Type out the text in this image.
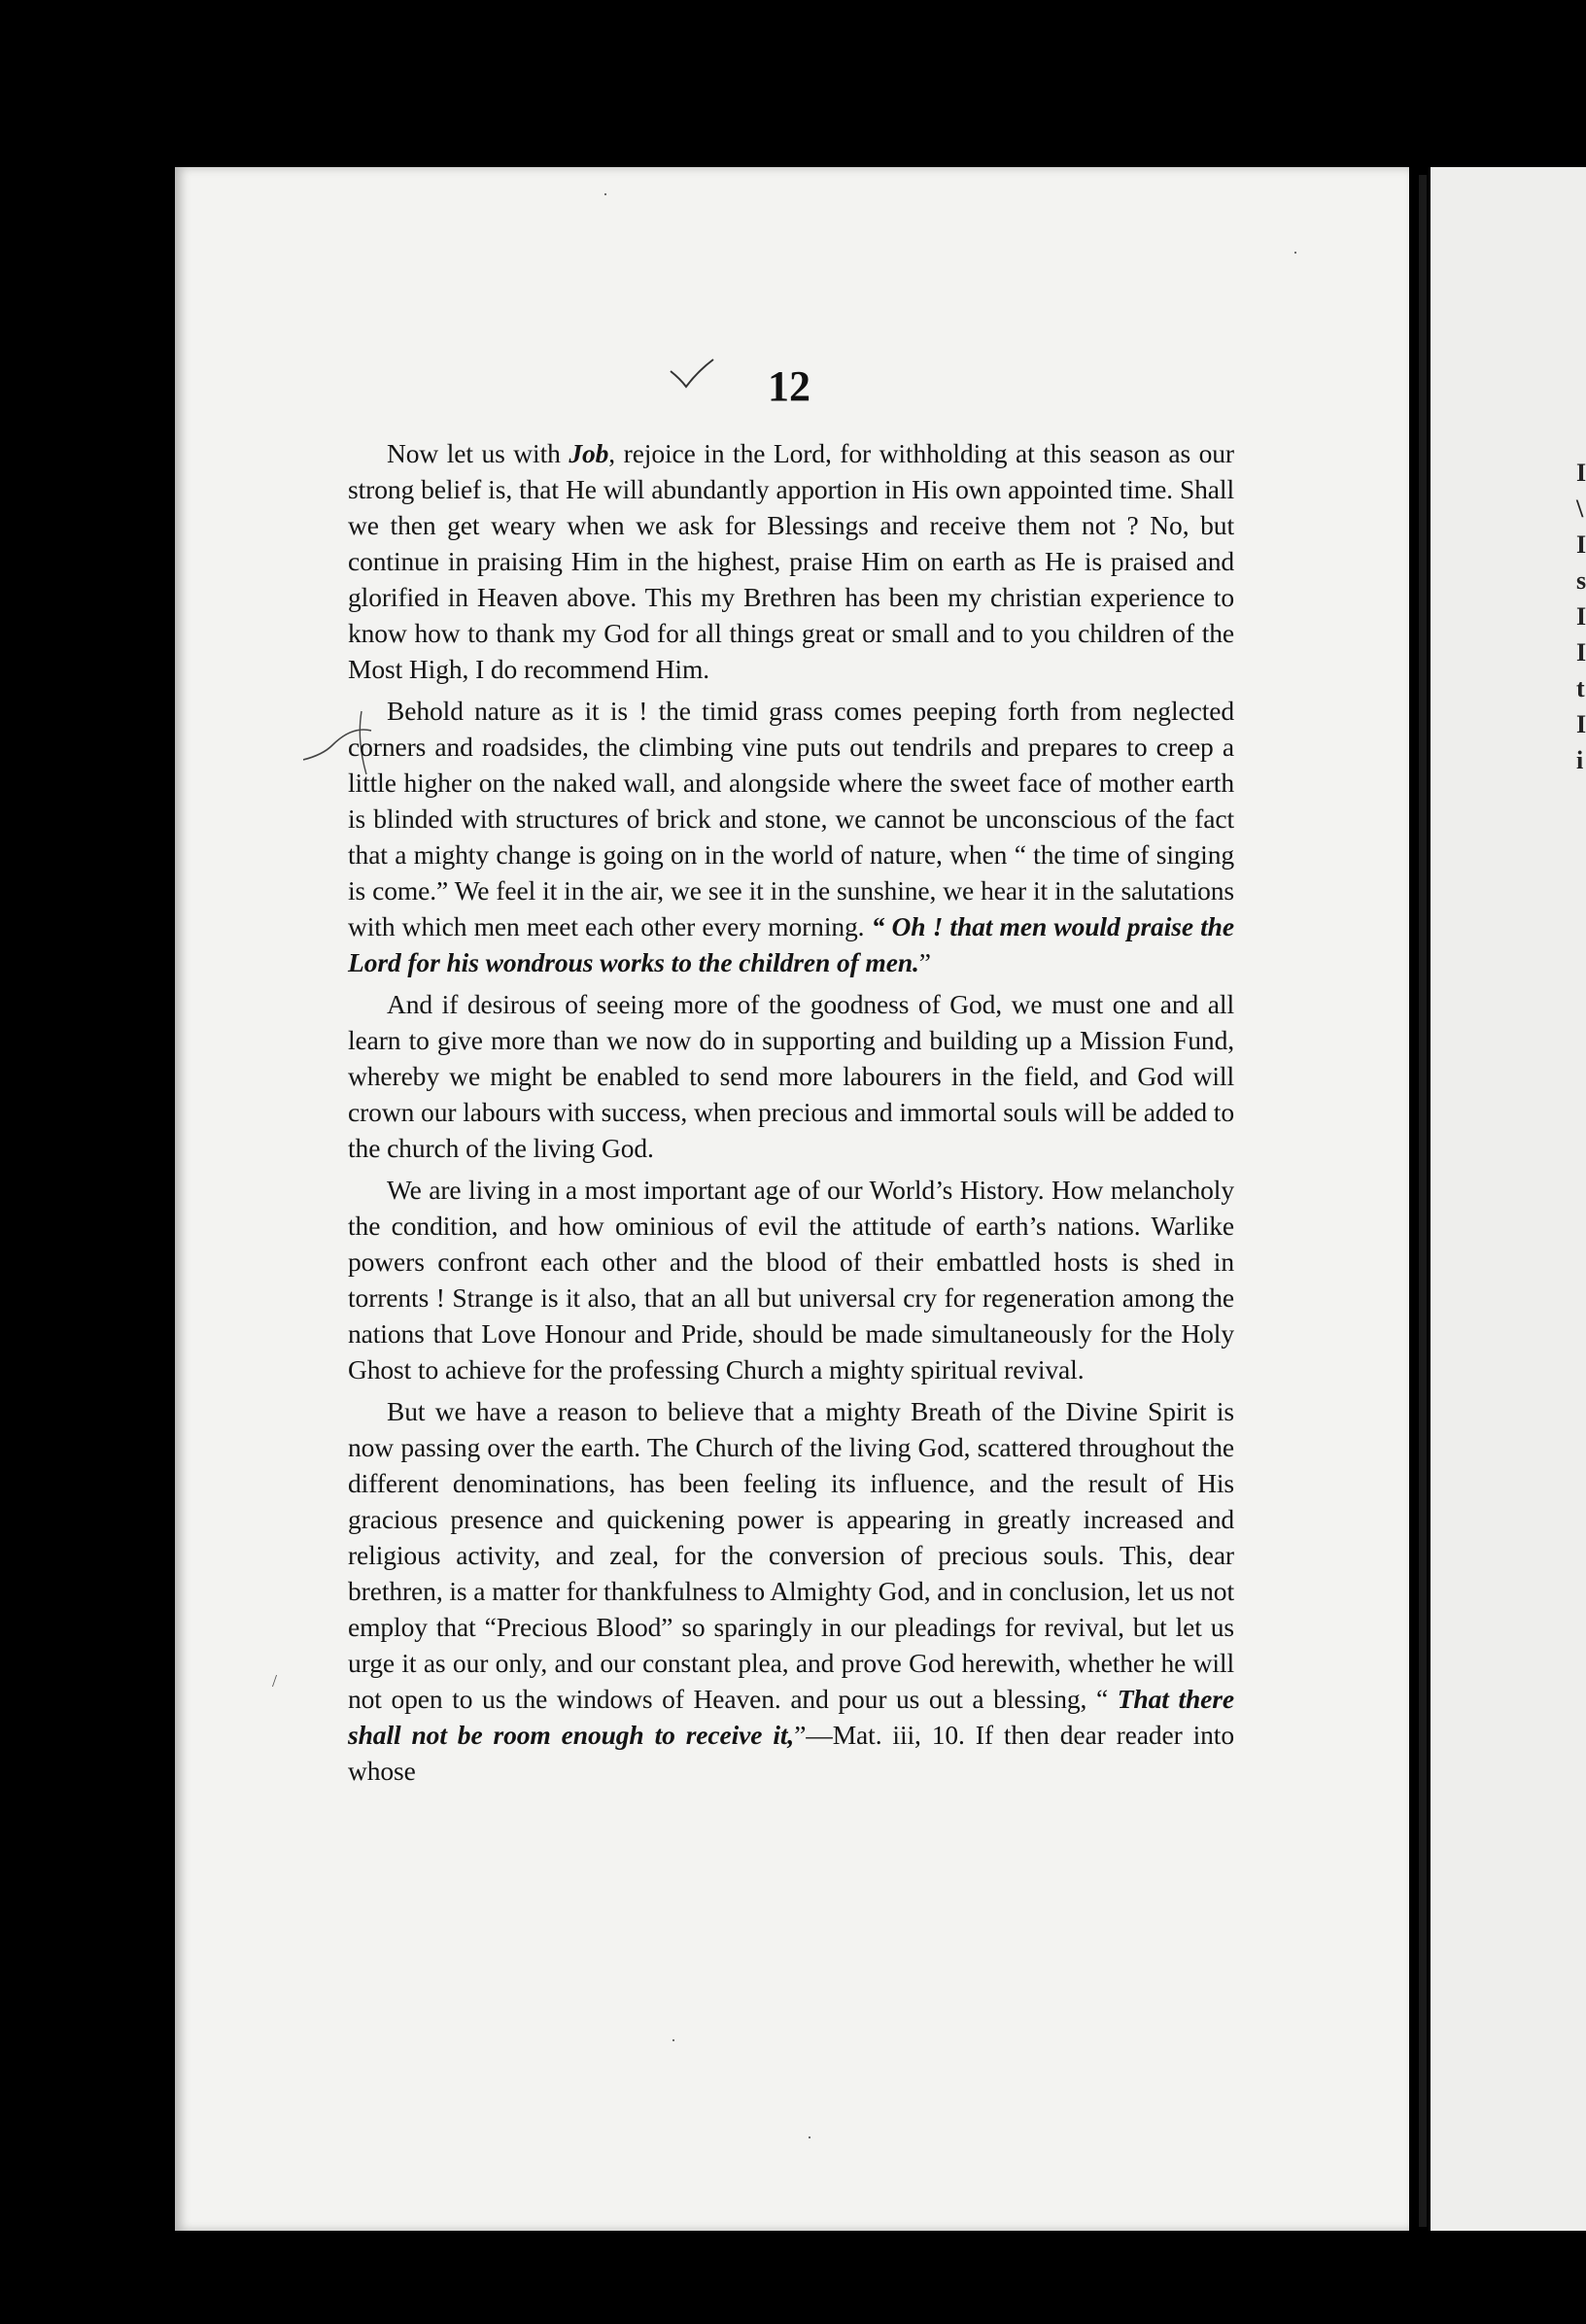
I
\
I
s
I
I
t
I
i
12

Now let us with Job, rejoice in the Lord, for withholding at this season as our strong belief is, that He will abundantly apportion in His own appointed time. Shall we then get weary when we ask for Blessings and receive them not ? No, but continue in praising Him in the highest, praise Him on earth as He is praised and glorified in Heaven above. This my Brethren has been my christian experience to know how to thank my God for all things great or small and to you children of the Most High, I do recommend Him.

Behold nature as it is ! the timid grass comes peeping forth from neglected corners and roadsides, the climbing vine puts out tendrils and prepares to creep a little higher on the naked wall, and alongside where the sweet face of mother earth is blinded with structures of brick and stone, we cannot be unconscious of the fact that a mighty change is going on in the world of nature, when “ the time of singing is come.” We feel it in the air, we see it in the sunshine, we hear it in the salutations with which men meet each other every morning. “ Oh ! that men would praise the Lord for his wondrous works to the children of men.”

And if desirous of seeing more of the goodness of God, we must one and all learn to give more than we now do in supporting and building up a Mission Fund, whereby we might be enabled to send more labourers in the field, and God will crown our labours with success, when precious and immortal souls will be added to the church of the living God.

We are living in a most important age of our World’s History. How melancholy the condition, and how ominious of evil the attitude of earth’s nations. Warlike powers confront each other and the blood of their embattled hosts is shed in torrents ! Strange is it also, that an all but universal cry for regeneration among the nations that Love Honour and Pride, should be made simultaneously for the Holy Ghost to achieve for the professing Church a mighty spiritual revival.

But we have a reason to believe that a mighty Breath of the Divine Spirit is now passing over the earth. The Church of the living God, scattered throughout the different denominations, has been feeling its influence, and the result of His gracious presence and quickening power is appearing in greatly increased and religious activity, and zeal, for the conversion of precious souls. This, dear brethren, is a matter for thankfulness to Almighty God, and in conclusion, let us not employ that “Precious Blood” so sparingly in our pleadings for revival, but let us urge it as our only, and our constant plea, and prove God herewith, whether he will not open to us the windows of Heaven. and pour us out a blessing, “ That there shall not be room enough to receive it,”—Mat. iii, 10. If then dear reader into whose

·
·
/
·
·
